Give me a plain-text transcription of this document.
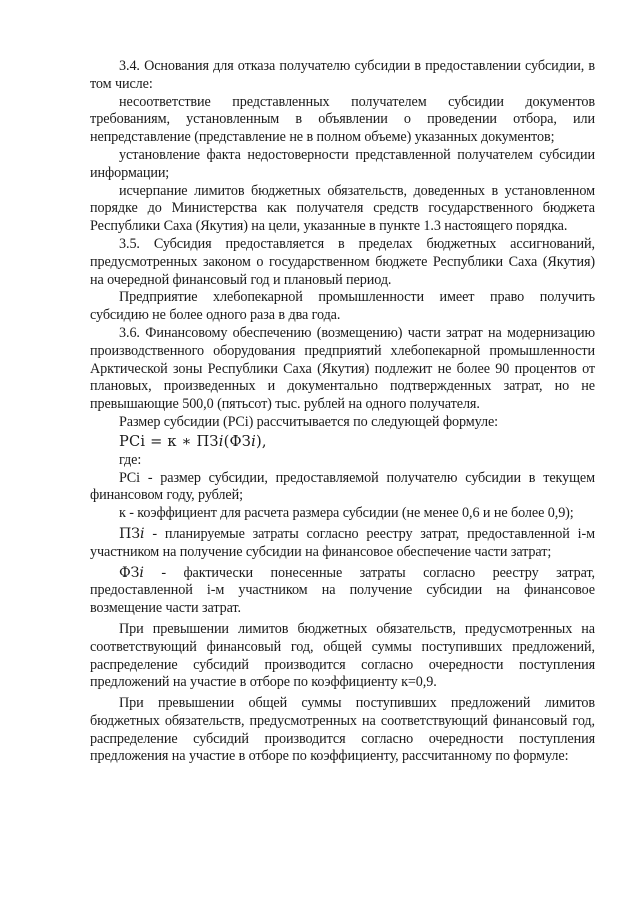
3.4. Основания для отказа получателю субсидии в предоставлении субсидии, в том числе:

несоответствие представленных получателем субсидии документов требованиям, установленным в объявлении о проведении отбора, или непредставление (представление не в полном объеме) указанных документов;

установление факта недостоверности представленной получателем субсидии информации;

исчерпание лимитов бюджетных обязательств, доведенных в установленном порядке до Министерства как получателя средств государственного бюджета Республики Саха (Якутия) на цели, указанные в пункте 1.3 настоящего порядка.

3.5. Субсидия предоставляется в пределах бюджетных ассигнований, предусмотренных законом о государственном бюджете Республики Саха (Якутия) на очередной финансовый год и плановый период.

Предприятие хлебопекарной промышленности имеет право получить субсидию не более одного раза в два года.

3.6. Финансовому обеспечению (возмещению) части затрат на модернизацию производственного оборудования предприятий хлебопекарной промышленности Арктической зоны Республики Саха (Якутия) подлежит не более 90 процентов от плановых, произведенных и документально подтвержденных затрат, но не превышающие 500,0 (пятьсот) тыс. рублей на одного получателя.

Размер субсидии (PCi) рассчитывается по следующей формуле:

PCi = к ∗ ПЗi(ФЗi),

где:

PCi - размер субсидии, предоставляемой получателю субсидии в текущем финансовом году, рублей;

к - коэффициент для расчета размера субсидии (не менее 0,6 и не более 0,9);

ПЗi - планируемые затраты согласно реестру затрат, предоставленной i-м участником на получение субсидии на финансовое обеспечение части затрат;

ФЗi - фактически понесенные затраты согласно реестру затрат, предоставленной i-м участником на получение субсидии на финансовое возмещение части затрат.

При превышении лимитов бюджетных обязательств, предусмотренных на соответствующий финансовый год, общей суммы поступивших предложений, распределение субсидий производится согласно очередности поступления предложений на участие в отборе по коэффициенту к=0,9.

При превышении общей суммы поступивших предложений лимитов бюджетных обязательств, предусмотренных на соответствующий финансовый год, распределение субсидий производится согласно очередности поступления предложения на участие в отборе по коэффициенту, рассчитанному по формуле:
